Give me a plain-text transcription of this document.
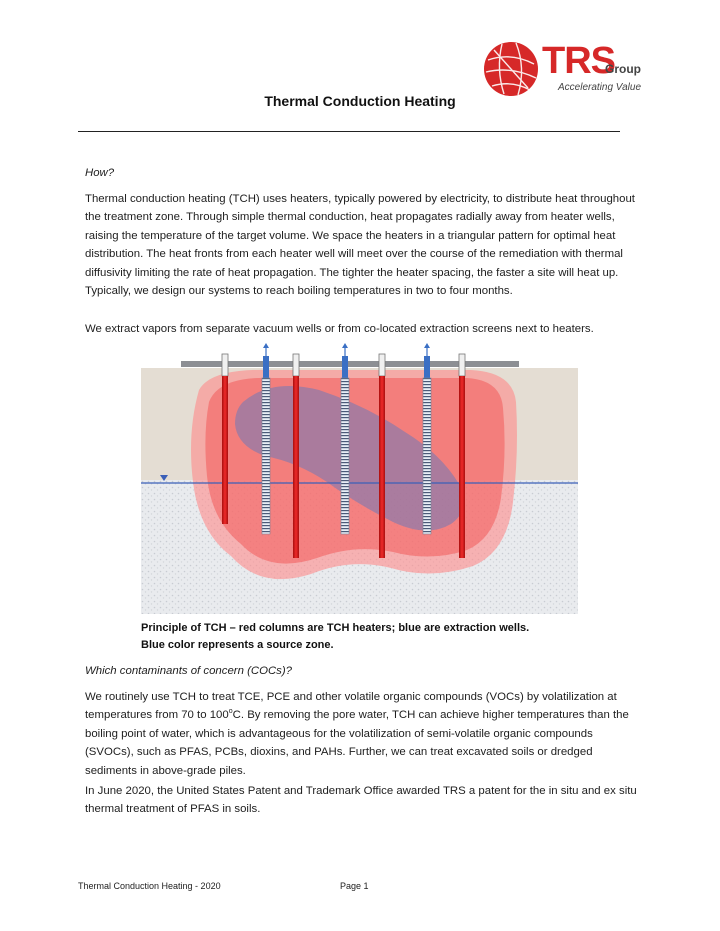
TRS
Group
Accelerating Value
Thermal Conduction Heating
How?
Thermal conduction heating (TCH) uses heaters, typically powered by electricity, to distribute heat throughout the treatment zone. Through simple thermal conduction, heat propagates radially away from heater wells, raising the temperature of the target volume. We space the heaters in a triangular pattern for optimal heat distribution. The heat fronts from each heater well will meet over the course of the remediation with thermal diffusivity limiting the rate of heat propagation. The tighter the heater spacing, the faster a site will heat up. Typically, we design our systems to reach boiling temperatures in two to four months.
We extract vapors from separate vacuum wells or from co-located extraction screens next to heaters.
Principle of TCH – red columns are TCH heaters; blue are extraction wells.
Blue color represents a source zone.
Which contaminants of concern (COCs)?
We routinely use TCH to treat TCE, PCE and other volatile organic compounds (VOCs) by volatilization at temperatures from 70 to 100$^o$C. By removing the pore water, TCH can achieve higher temperatures than the boiling point of water, which is advantageous for the volatilization of semi-volatile organic compounds (SVOCs), such as PFAS, PCBs, dioxins, and PAHs. Further, we can treat excavated soils or dredged sediments in above-grade piles.
In June 2020, the United States Patent and Trademark Office awarded TRS a patent for the in situ and ex situ thermal treatment of PFAS in soils.
Thermal Conduction Heating - 2020	Page 1
